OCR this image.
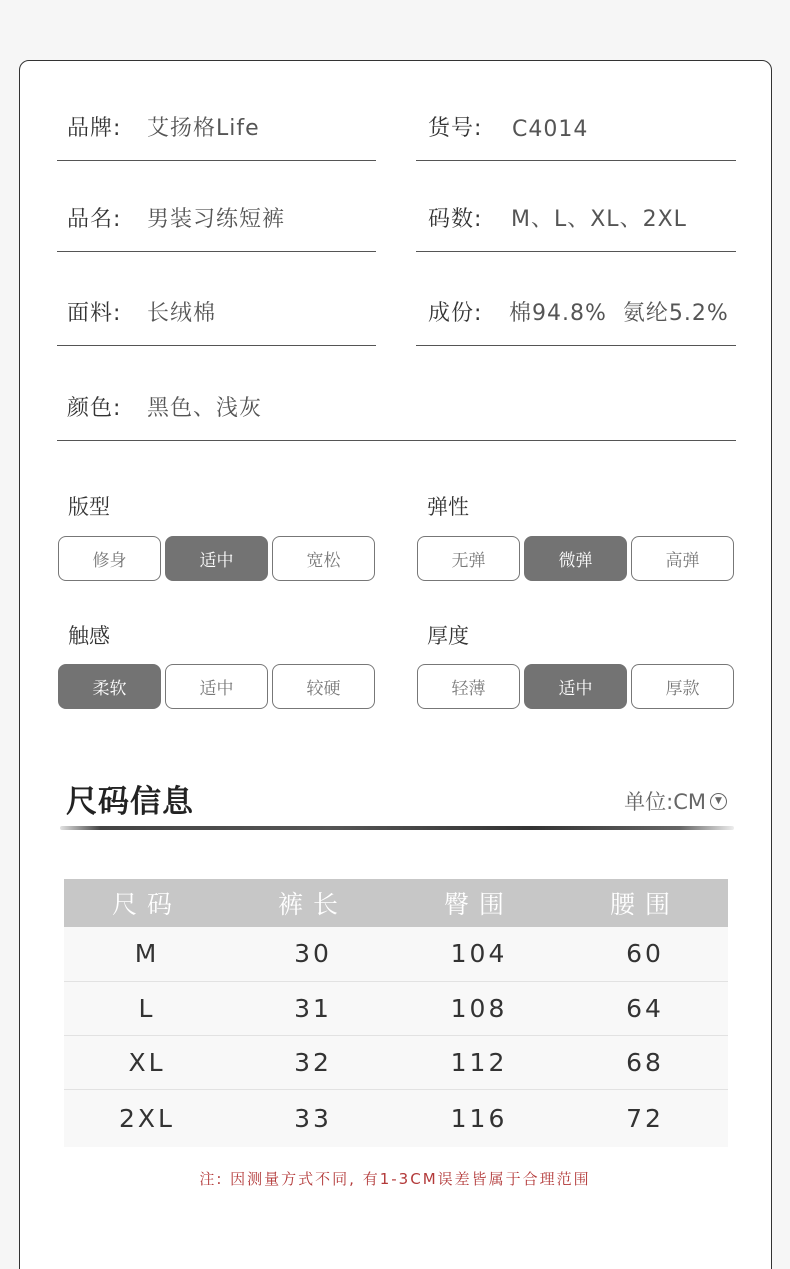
品牌: 艾扬格Life	货号: C4014
品名: 男装习练短裤	码数: M、L、XL、2XL
面料: 长绒棉	成份: 棉94.8%  氨纶5.2%
颜色: 黑色、浅灰
版型
修身	适中	宽松
弹性
无弹	微弹	高弹
触感
柔软	适中	较硬
厚度
轻薄	适中	厚款
尺码信息	单位:CM	▼
尺码	裤长	臀围	腰围
M	30	104	60
L	31	108	64
XL	32	112	68
2XL	33	116	72
注: 因测量方式不同, 有1-3CM误差皆属于合理范围
